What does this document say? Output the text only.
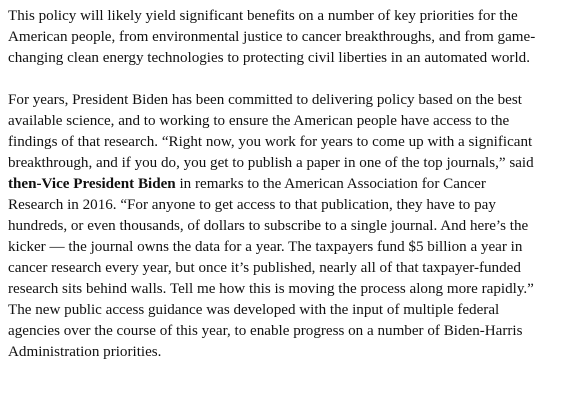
This policy will likely yield significant benefits on a number of key priorities for the
American people, from environmental justice to cancer breakthroughs, and from game-
changing clean energy technologies to protecting civil liberties in an automated world.
For years, President Biden has been committed to delivering policy based on the best
available science, and to working to ensure the American people have access to the
findings of that research. “Right now, you work for years to come up with a significant
breakthrough, and if you do, you get to publish a paper in one of the top journals,” said
then-Vice President Biden in remarks to the American Association for Cancer
Research in 2016. “For anyone to get access to that publication, they have to pay
hundreds, or even thousands, of dollars to subscribe to a single journal. And here’s the
kicker — the journal owns the data for a year. The taxpayers fund $5 billion a year in
cancer research every year, but once it’s published, nearly all of that taxpayer-funded
research sits behind walls. Tell me how this is moving the process along more rapidly.”
The new public access guidance was developed with the input of multiple federal
agencies over the course of this year, to enable progress on a number of Biden-Harris
Administration priorities.
